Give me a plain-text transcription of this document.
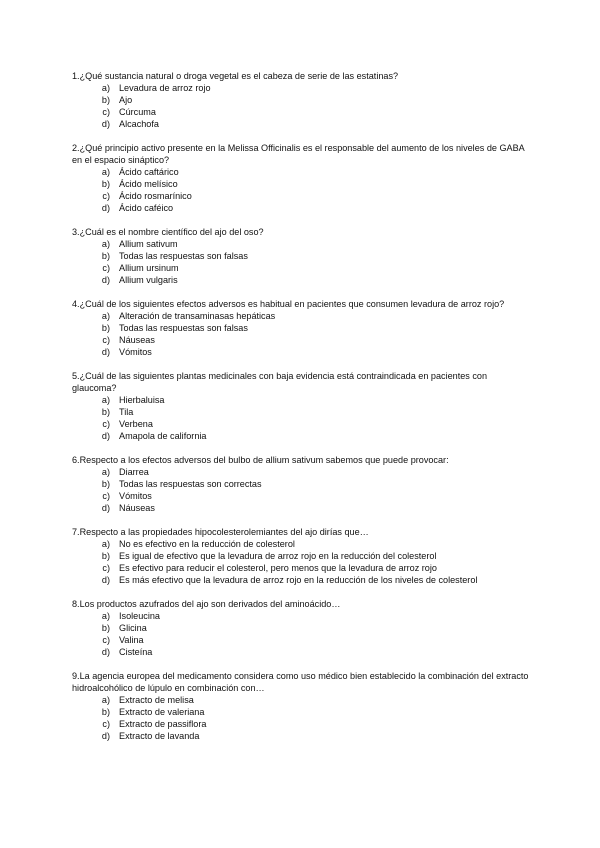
1.¿Qué sustancia natural o droga vegetal es el cabeza de serie de las estatinas?

a) Levadura de arroz rojo
b) Ajo
c) Cúrcuma
d) Alcachofa

2.¿Qué principio activo presente en la Melissa Officinalis es el responsable del aumento de los niveles de GABA en el espacio sináptico?

a) Ácido caftárico
b) Ácido melísico
c) Ácido rosmarínico
d) Ácido caféico

3.¿Cuál es el nombre científico del ajo del oso?

a) Allium sativum
b) Todas las respuestas son falsas
c) Allium ursinum
d) Allium vulgaris

4.¿Cuál de los siguientes efectos adversos es habitual en pacientes que consumen levadura de arroz rojo?

a) Alteración de transaminasas hepáticas
b) Todas las respuestas son falsas
c) Náuseas
d) Vómitos

5.¿Cuál de las siguientes plantas medicinales con baja evidencia está contraindicada en pacientes con glaucoma?

a) Hierbaluisa
b) Tila
c) Verbena
d) Amapola de california

6.Respecto a los efectos adversos del bulbo de allium sativum sabemos que puede provocar:

a) Diarrea
b) Todas las respuestas son correctas
c) Vómitos
d) Náuseas

7.Respecto a las propiedades hipocolesterolemiantes del ajo dirías que…

a) No es efectivo en la reducción de colesterol
b) Es igual de efectivo que la levadura de arroz rojo en la reducción del colesterol
c) Es efectivo para reducir el colesterol, pero menos que la levadura de arroz rojo
d) Es más efectivo que la levadura de arroz rojo en la reducción de los niveles de colesterol

8.Los productos azufrados del ajo son derivados del aminoácido…

a) Isoleucina
b) Glicina
c) Valina
d) Cisteína

9.La agencia europea del medicamento considera como uso médico bien establecido la combinación del extracto hidroalcohólico de lúpulo en combinación con…

a) Extracto de melisa
b) Extracto de valeriana
c) Extracto de passiflora
d) Extracto de lavanda
